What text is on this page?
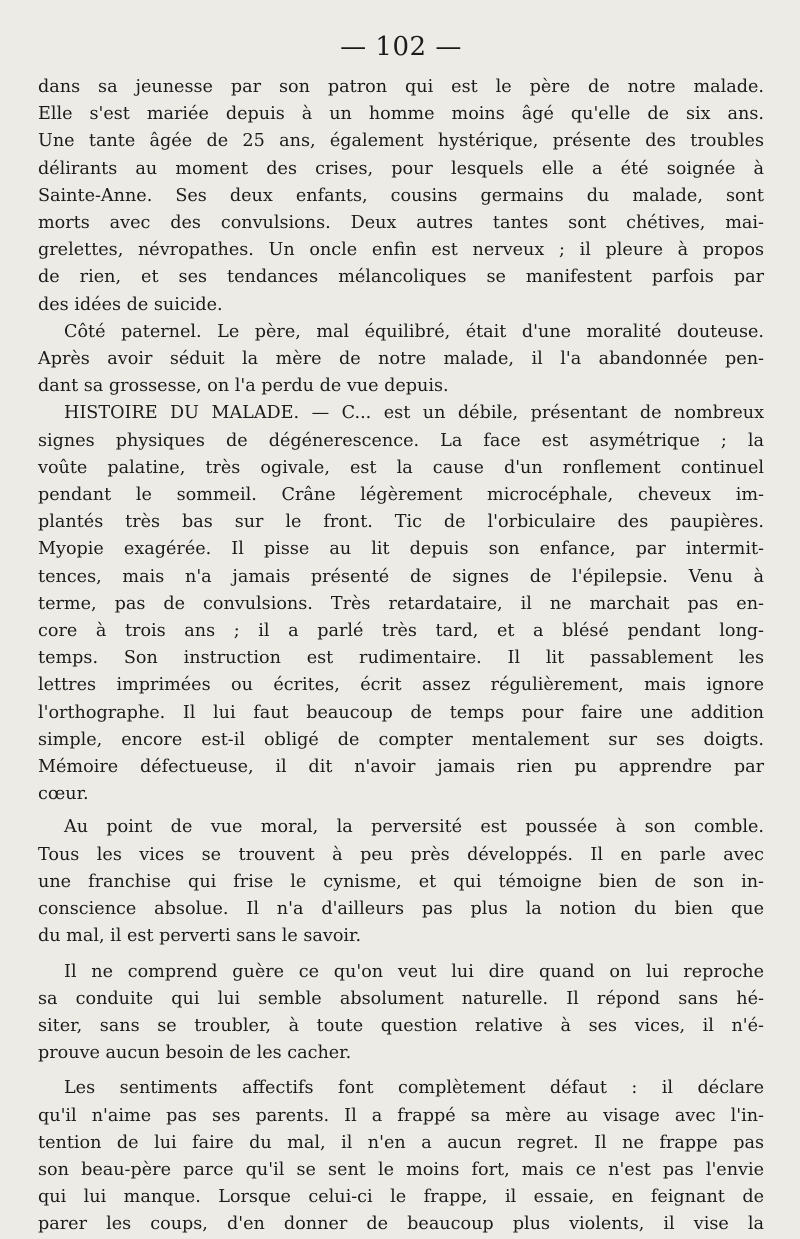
— 102 —
dans sa jeunesse par son patron qui est le père de notre malade.
Elle s'est mariée depuis à un homme moins âgé qu'elle de six ans.
Une tante âgée de 25 ans, également hystérique, présente des troubles
délirants au moment des crises, pour lesquels elle a été soignée à
Sainte-Anne. Ses deux enfants, cousins germains du malade, sont
morts avec des convulsions. Deux autres tantes sont chétives, mai-
grelettes, névropathes. Un oncle enfin est nerveux ; il pleure à propos
de rien, et ses tendances mélancoliques se manifestent parfois par
des idées de suicide.
Côté paternel. Le père, mal équilibré, était d'une moralité douteuse.
Après avoir séduit la mère de notre malade, il l'a abandonnée pen-
dant sa grossesse, on l'a perdu de vue depuis.
HISTOIRE DU MALADE. — C... est un débile, présentant de nombreux
signes physiques de dégénerescence. La face est asymétrique ; la
voûte palatine, très ogivale, est la cause d'un ronflement continuel
pendant le sommeil. Crâne légèrement microcéphale, cheveux im-
plantés très bas sur le front. Tic de l'orbiculaire des paupières.
Myopie exagérée. Il pisse au lit depuis son enfance, par intermit-
tences, mais n'a jamais présenté de signes de l'épilepsie. Venu à
terme, pas de convulsions. Très retardataire, il ne marchait pas en-
core à trois ans ; il a parlé très tard, et a blésé pendant long-
temps. Son instruction est rudimentaire. Il lit passablement les
lettres imprimées ou écrites, écrit assez régulièrement, mais ignore
l'orthographe. Il lui faut beaucoup de temps pour faire une addition
simple, encore est-il obligé de compter mentalement sur ses doigts.
Mémoire défectueuse, il dit n'avoir jamais rien pu apprendre par
cœur.
Au point de vue moral, la perversité est poussée à son comble.
Tous les vices se trouvent à peu près développés. Il en parle avec
une franchise qui frise le cynisme, et qui témoigne bien de son in-
conscience absolue. Il n'a d'ailleurs pas plus la notion du bien que
du mal, il est perverti sans le savoir.
Il ne comprend guère ce qu'on veut lui dire quand on lui reproche
sa conduite qui lui semble absolument naturelle. Il répond sans hé-
siter, sans se troubler, à toute question relative à ses vices, il n'é-
prouve aucun besoin de les cacher.
Les sentiments affectifs font complètement défaut : il déclare
qu'il n'aime pas ses parents. Il a frappé sa mère au visage avec l'in-
tention de lui faire du mal, il n'en a aucun regret. Il ne frappe pas
son beau-père parce qu'il se sent le moins fort, mais ce n'est pas l'envie
qui lui manque. Lorsque celui-ci le frappe, il essaie, en feignant de
parer les coups, d'en donner de beaucoup plus violents, il vise la
